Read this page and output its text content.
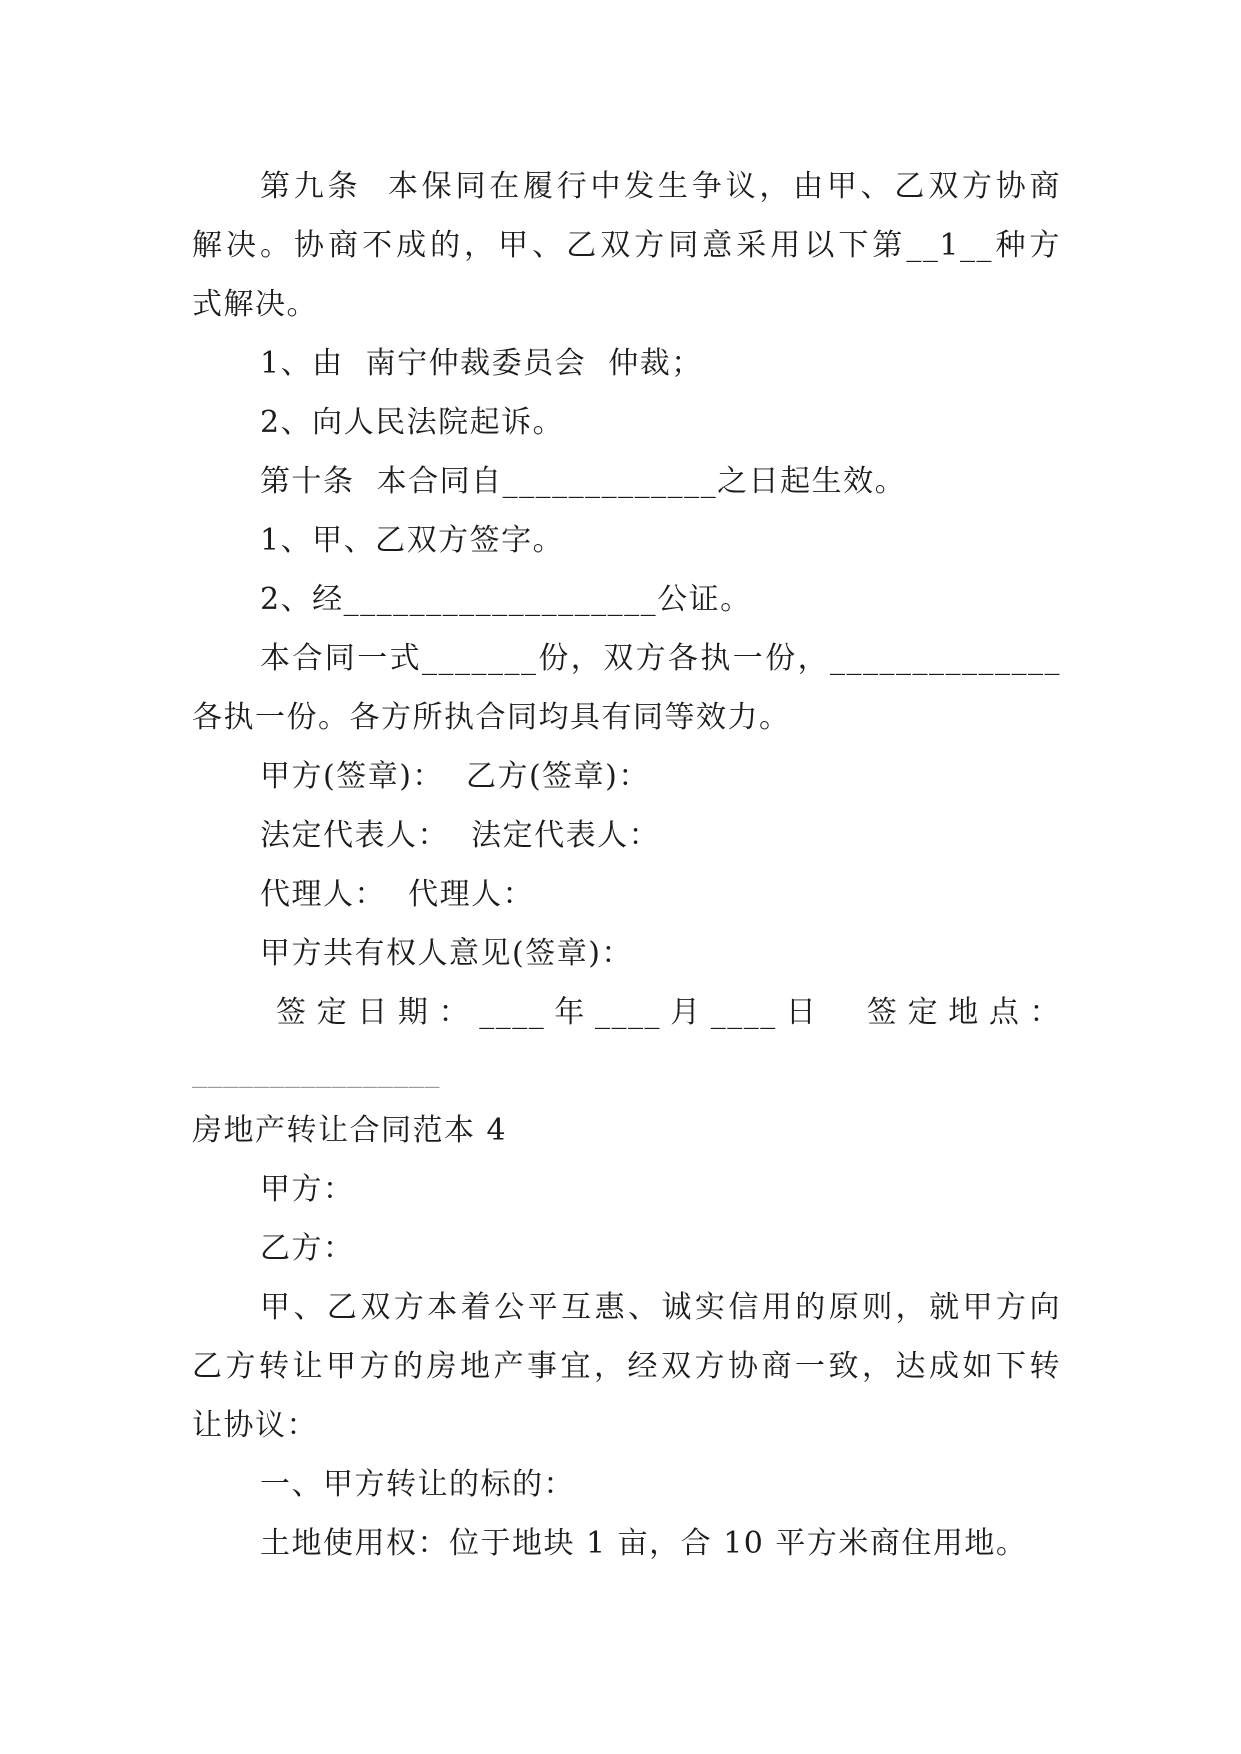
第九条  本保同在履行中发生争议，由甲、乙双方协商
解决。协商不成的，甲、乙双方同意采用以下第__1__种方
式解决。
1、由  南宁仲裁委员会  仲裁；
2、向人民法院起诉。
第十条  本合同自_____________之日起生效。
1、甲、乙双方签字。
2、经___________________公证。
本合同一式_______份，双方各执一份，______________
各执一份。各方所执合同均具有同等效力。
甲方(签章)：  乙方(签章)：
法定代表人：  法定代表人：
代理人：  代理人：
甲方共有权人意见(签章)：
签定日期：____年____月____日  签定地点：
________________
房地产转让合同范本 4
甲方：
乙方：
甲、乙双方本着公平互惠、诚实信用的原则，就甲方向
乙方转让甲方的房地产事宜，经双方协商一致，达成如下转
让协议：
一、甲方转让的标的：
土地使用权：位于地块 1 亩，合 10 平方米商住用地。
